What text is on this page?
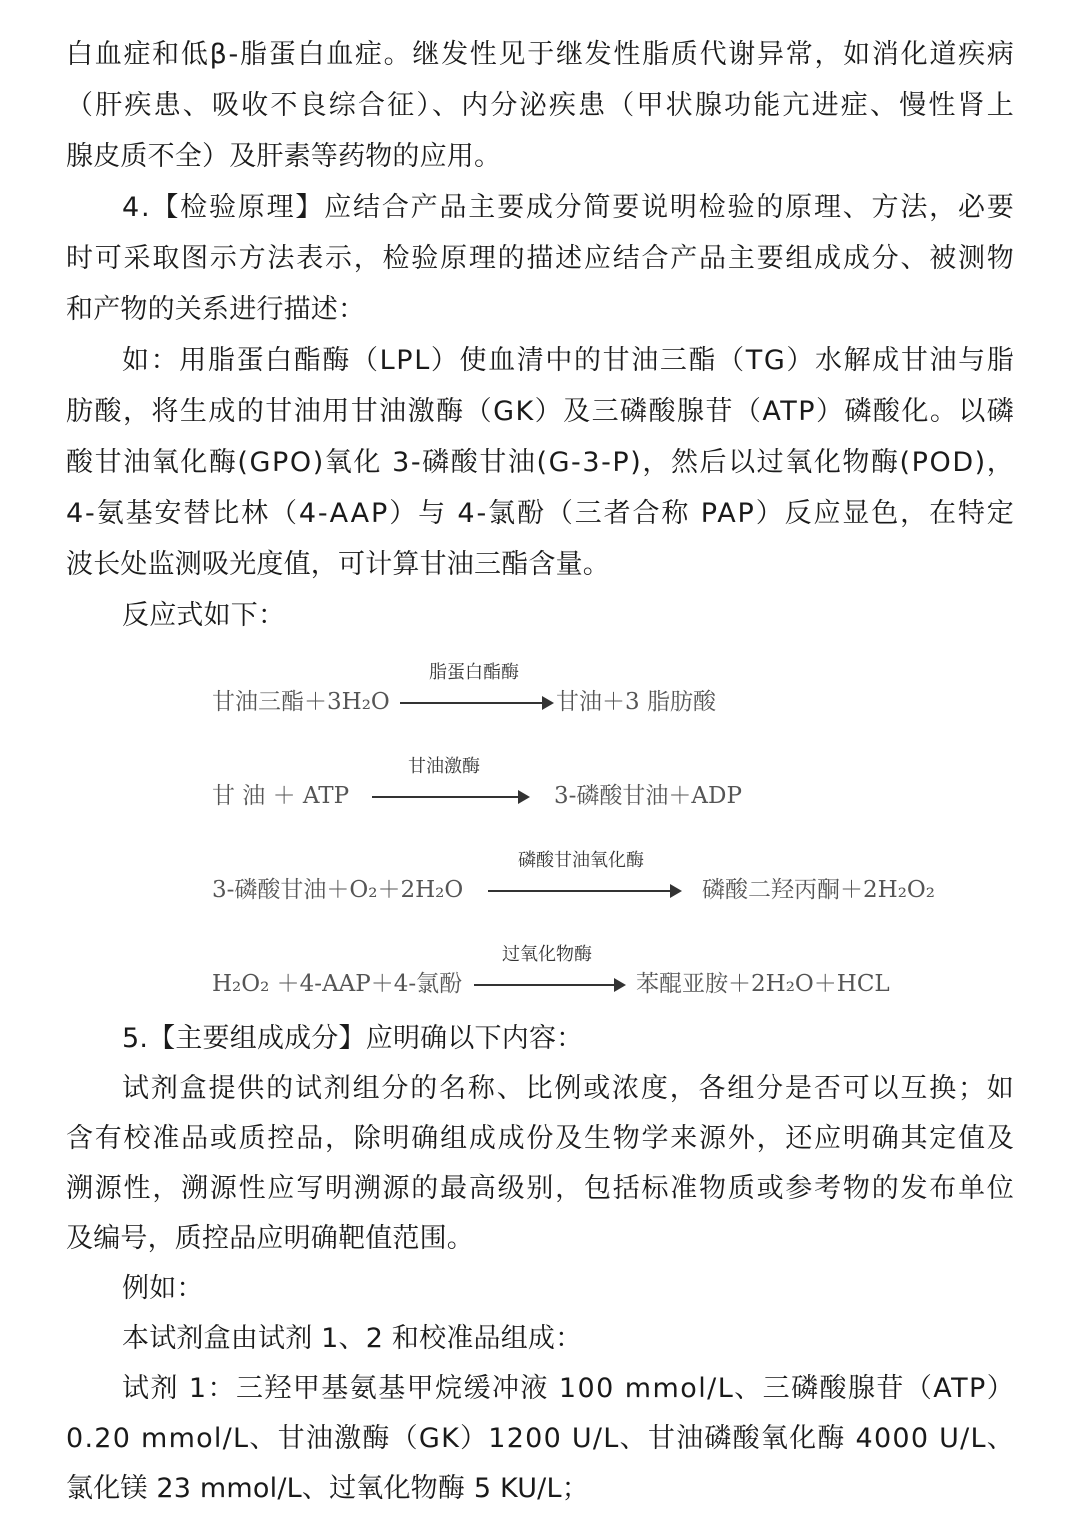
白血症和低β-脂蛋白血症。继发性见于继发性脂质代谢异常，如消化道疾病
（肝疾患、吸收不良综合征）、内分泌疾患（甲状腺功能亢进症、慢性肾上
腺皮质不全）及肝素等药物的应用。
4.【检验原理】应结合产品主要成分简要说明检验的原理、方法，必要
时可采取图示方法表示，检验原理的描述应结合产品主要组成成分、被测物
和产物的关系进行描述：
如：用脂蛋白酯酶（LPL）使血清中的甘油三酯（TG）水解成甘油与脂
肪酸，将生成的甘油用甘油激酶（GK）及三磷酸腺苷（ATP）磷酸化。以磷
酸甘油氧化酶(GPO)氧化 3-磷酸甘油(G-3-P)，然后以过氧化物酶(POD)，
4-氨基安替比林（4-AAP）与 4-氯酚（三者合称 PAP）反应显色，在特定
波长处监测吸光度值，可计算甘油三酯含量。
反应式如下：
甘油三酯＋3H₂O
脂蛋白酯酶
甘油＋3 脂肪酸
甘 油 ＋ ATP
甘油激酶
3-磷酸甘油＋ADP
3-磷酸甘油＋O₂＋2H₂O
磷酸甘油氧化酶
磷酸二羟丙酮＋2H₂O₂
H₂O₂ ＋4-AAP＋4-氯酚
过氧化物酶
苯醌亚胺＋2H₂O＋HCL
5.【主要组成成分】应明确以下内容：
试剂盒提供的试剂组分的名称、比例或浓度，各组分是否可以互换；如
含有校准品或质控品，除明确组成成份及生物学来源外，还应明确其定值及
溯源性，溯源性应写明溯源的最高级别，包括标准物质或参考物的发布单位
及编号，质控品应明确靶值范围。
例如：
本试剂盒由试剂 1、2 和校准品组成：
试剂 1：三羟甲基氨基甲烷缓冲液 100 mmol/L、三磷酸腺苷（ATP）
0.20 mmol/L、甘油激酶（GK）1200 U/L、甘油磷酸氧化酶 4000 U/L、
氯化镁 23 mmol/L、过氧化物酶 5 KU/L；
